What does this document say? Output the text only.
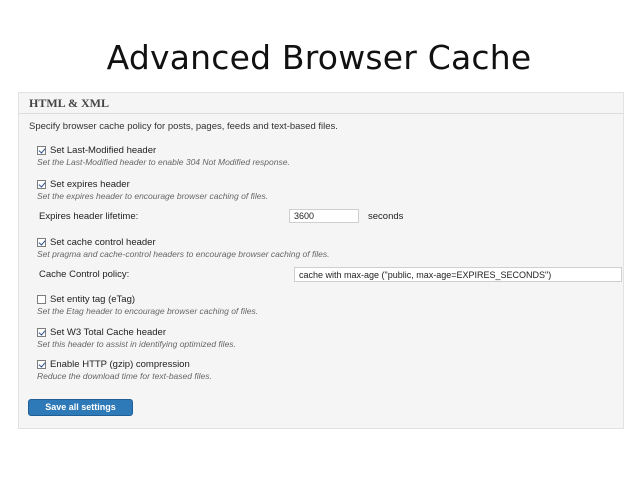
Advanced Browser Cache
HTML & XML
Specify browser cache policy for posts, pages, feeds and text-based files.
Set Last-Modified header
Set the Last-Modified header to enable 304 Not Modified response.
Set expires header
Set the expires header to encourage browser caching of files.
Expires header lifetime:	3600	seconds
Set cache control header
Set pragma and cache-control headers to encourage browser caching of files.
Cache Control policy:	cache with max-age ("public, max-age=EXPIRES_SECONDS")
Set entity tag (eTag)
Set the Etag header to encourage browser caching of files.
Set W3 Total Cache header
Set this header to assist in identifying optimized files.
Enable HTTP (gzip) compression
Reduce the download time for text-based files.
Save all settings
